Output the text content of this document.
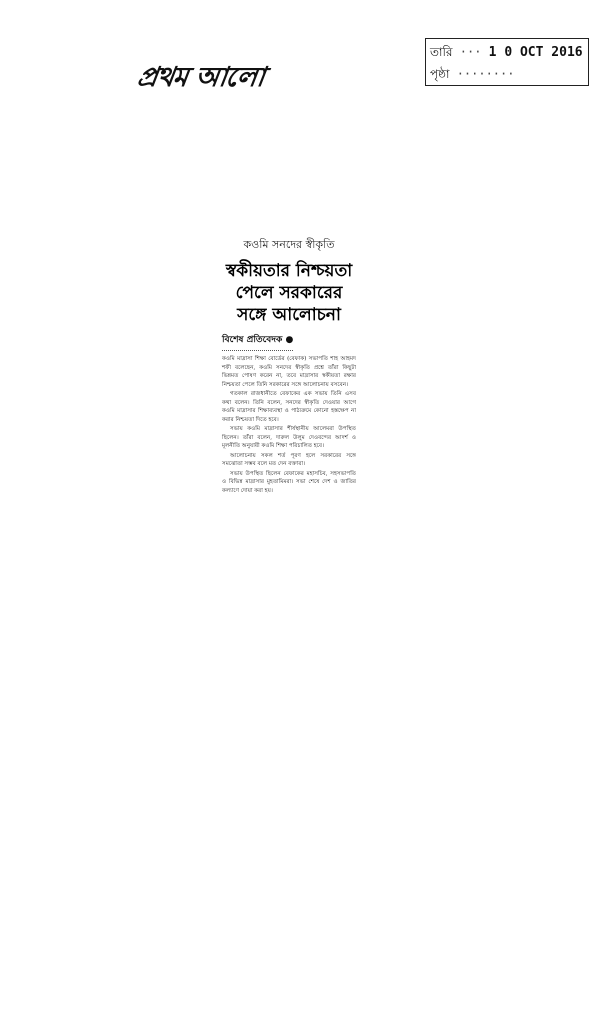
প্রথম আলো
তারি ··· 1 0 OCT 2016
পৃষ্ঠা ········
কওমি সনদের স্বীকৃতি
স্বকীয়তার নিশ্চয়তা
পেলে সরকারের
সঙ্গে আলোচনা
বিশেষ প্রতিবেদক ●

কওমি মাদ্রাসা শিক্ষা বোর্ডের (বেফাক) সভাপতি শাহ আহমদ শফী বলেছেন, কওমি সনদের স্বীকৃতি প্রশ্নে তাঁরা কিছুটা ভিন্নমত পোষণ করেন না, তবে মাদ্রাসার স্বকীয়তা রক্ষার নিশ্চয়তা পেলে তিনি সরকারের সঙ্গে আলোচনায় বসবেন।

গতকাল রাজধানীতে বেফাকের এক সভায় তিনি এসব কথা বলেন। তিনি বলেন, সনদের স্বীকৃতি দেওয়ার আগে কওমি মাদ্রাসার শিক্ষাব্যবস্থা ও পাঠ্যক্রমে কোনো হস্তক্ষেপ না করার নিশ্চয়তা দিতে হবে।

সভায় কওমি মাদ্রাসার শীর্ষস্থানীয় আলেমরা উপস্থিত ছিলেন। তাঁরা বলেন, দারুল উলুম দেওবন্দের আদর্শ ও মূলনীতি অনুযায়ী কওমি শিক্ষা পরিচালিত হবে।

আলোচনায় সকল শর্ত পূরণ হলে সরকারের সঙ্গে সমঝোতা সম্ভব বলে মত দেন বক্তারা।

সভায় উপস্থিত ছিলেন বেফাকের মহাসচিব, সহসভাপতি ও বিভিন্ন মাদ্রাসার মুহতামিমরা। সভা শেষে দেশ ও জাতির কল্যাণে দোয়া করা হয়।
